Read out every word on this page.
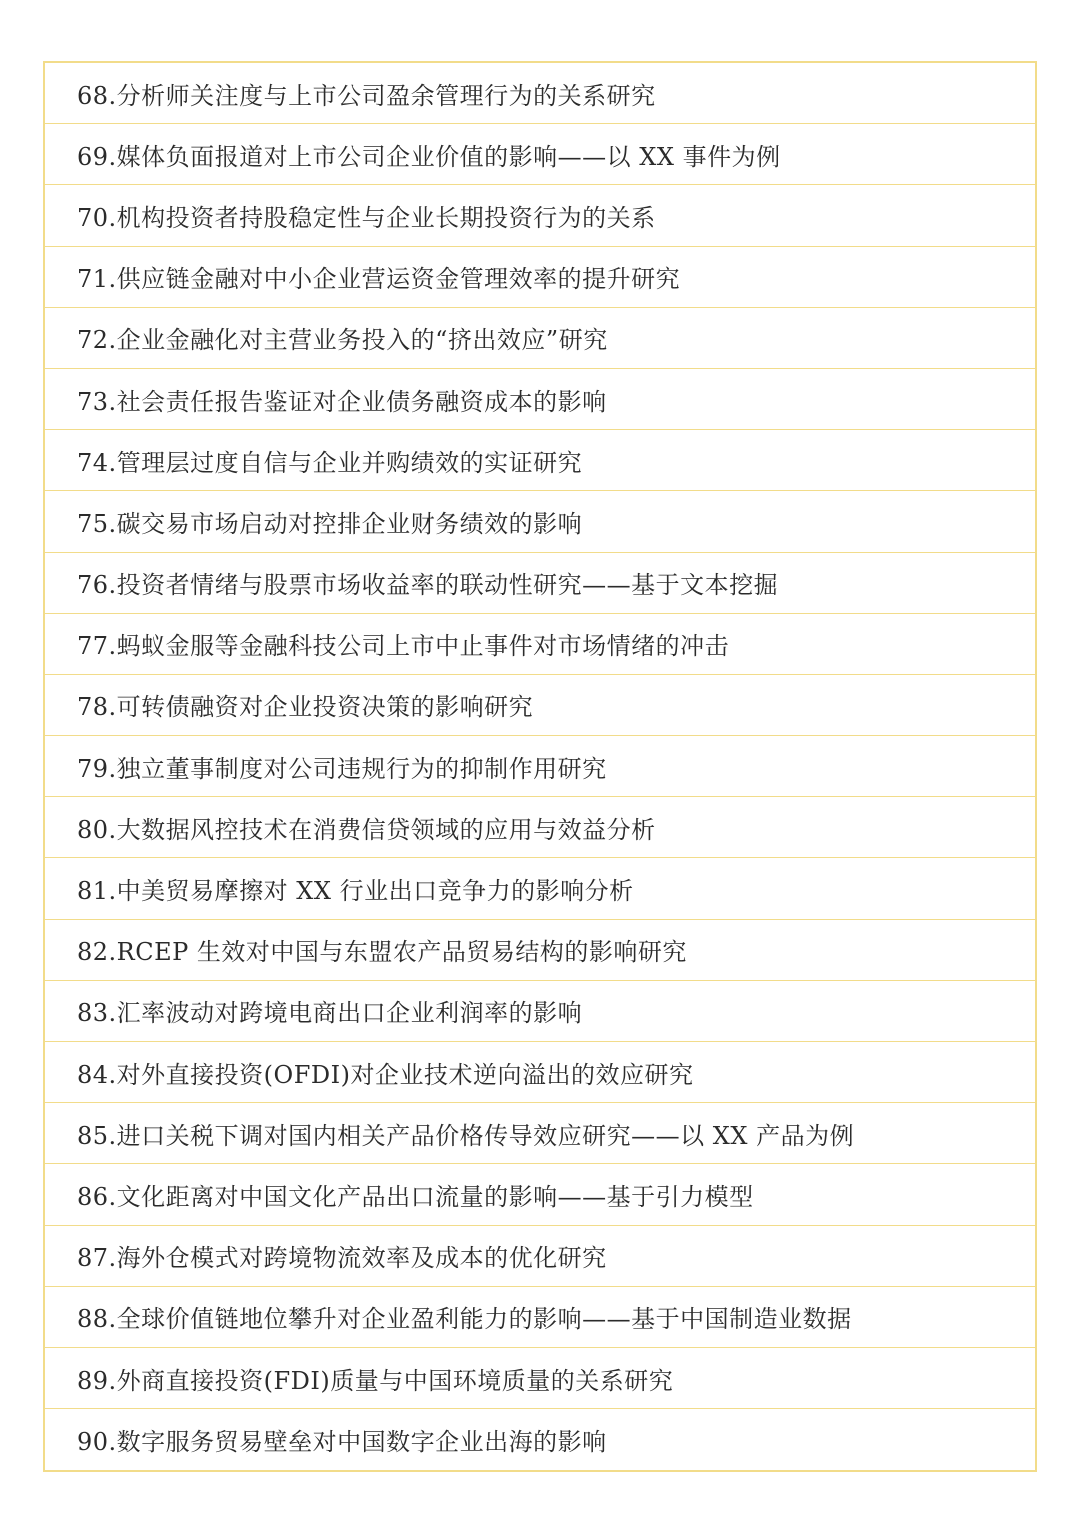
68.分析师关注度与上市公司盈余管理行为的关系研究
69.媒体负面报道对上市公司企业价值的影响——以 XX 事件为例
70.机构投资者持股稳定性与企业长期投资行为的关系
71.供应链金融对中小企业营运资金管理效率的提升研究
72.企业金融化对主营业务投入的“挤出效应”研究
73.社会责任报告鉴证对企业债务融资成本的影响
74.管理层过度自信与企业并购绩效的实证研究
75.碳交易市场启动对控排企业财务绩效的影响
76.投资者情绪与股票市场收益率的联动性研究——基于文本挖掘
77.蚂蚁金服等金融科技公司上市中止事件对市场情绪的冲击
78.可转债融资对企业投资决策的影响研究
79.独立董事制度对公司违规行为的抑制作用研究
80.大数据风控技术在消费信贷领域的应用与效益分析
81.中美贸易摩擦对 XX 行业出口竞争力的影响分析
82.RCEP 生效对中国与东盟农产品贸易结构的影响研究
83.汇率波动对跨境电商出口企业利润率的影响
84.对外直接投资(OFDI)对企业技术逆向溢出的效应研究
85.进口关税下调对国内相关产品价格传导效应研究——以 XX 产品为例
86.文化距离对中国文化产品出口流量的影响——基于引力模型
87.海外仓模式对跨境物流效率及成本的优化研究
88.全球价值链地位攀升对企业盈利能力的影响——基于中国制造业数据
89.外商直接投资(FDI)质量与中国环境质量的关系研究
90.数字服务贸易壁垒对中国数字企业出海的影响
